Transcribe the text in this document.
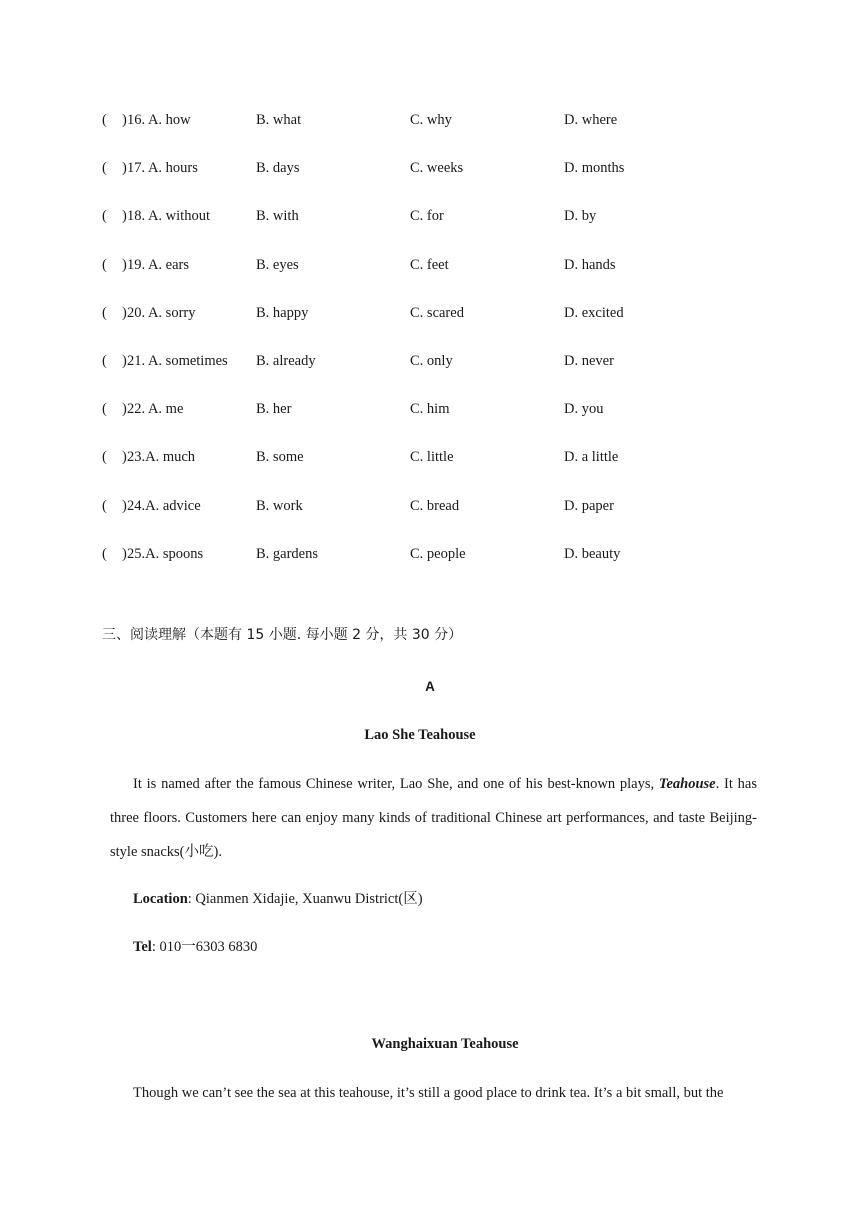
( ) 16. A. how	B. what	C. why	D. where
( ) 17. A. hours	B. days	C. weeks	D. months
( ) 18. A. without	B. with	C. for	D. by
( ) 19. A. ears	B. eyes	C. feet	D. hands
( ) 20. A. sorry	B. happy	C. scared	D. excited
( ) 21. A. sometimes B. already	C. only	D. never
( ) 22. A. me	B. her	C. him	D. you
( ) 23.A. much	B. some	C. little	D. a little
( ) 24.A. advice	B. work	C. bread	D. paper
( ) 25.A. spoons	B. gardens	C. people	D. beauty
三、阅读理解（本题有 15 小题. 每小题 2 分，共 30 分）
A
Lao She Teahouse

It is named after the famous Chinese writer, Lao She, and one of his best-known plays, Teahouse. It has three floors. Customers here can enjoy many kinds of traditional Chinese art performances, and taste Beijing-style snacks(小吃).

Location: Qianmen Xidajie, Xuanwu District(区)
Tel: 010一6303 6830
Wanghaixuan Teahouse

Though we can’t see the sea at this teahouse, it’s still a good place to drink tea. It’s a bit small, but the
